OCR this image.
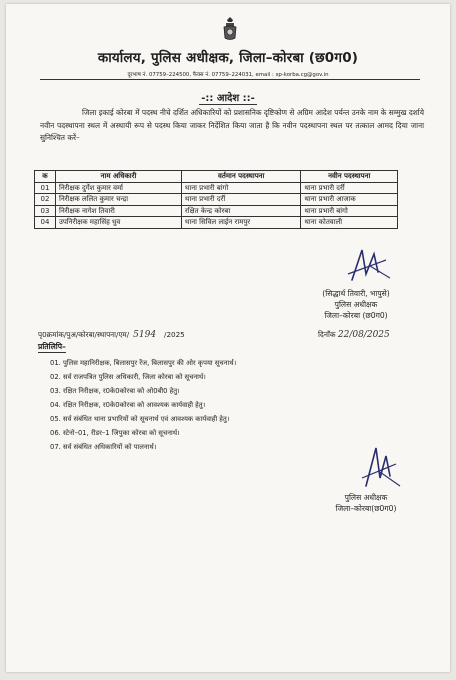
कार्यालय, पुलिस अधीक्षक, जिला–कोरबा (छ0ग0)
दूरभाष नं. 07759–224500, फैक्स नं. 07759–224031, email : sp-korba.cg@gov.in
-:: आदेश ::-
जिला इकाई कोरबा में पदस्थ नीचे दर्शित अधिकारियों को प्रशासनिक दृष्टिकोण से अग्रिम आदेश पर्यन्त उनके नाम के सम्मुख दर्शाये नवीन पदस्थापना स्थल में अस्थायी रूप से पदस्थ किया जाकर निर्देशित किया जाता है कि नवीन पदस्थापना स्थल पर तत्काल आमद दिया जाना सुनिश्चित करें–
क	नाम अधिकारी	वर्तमान पदस्थापना	नवीन पदस्थापना
01	निरीक्षक दुर्गेश कुमार वर्मा	थाना प्रभारी बांगो	थाना प्रभारी दर्री
02	निरीक्षक ललित कुमार चन्द्रा	थाना प्रभारी दर्री	थाना प्रभारी आजाक
03	निरीक्षक नागेश तिवारी	रक्षित केन्द्र कोरबा	थाना प्रभारी बांगो
04	उपनिरीक्षक महासिंह धुव	थाना सिविल लाईन रामपुर	थाना कोतवाली
(सिद्धार्थ तिवारी, भापुसे)
पुलिस अधीक्षक
जिला–कोरबा (छ0ग0)
पृ0क्रमांक/पुअ/कोरबा/स्थापना/एम/ 5194 /2025	दिनाँक 22/08/2025
प्रतिलिपि–
01. पुलिस महानिरीक्षक, बिलासपुर रेंज, बिलासपुर की ओर कृपया सूचनार्थ।
02. सर्व राजपत्रित पुलिस अधिकारी, जिला कोरबा को सूचनार्थ।
03. रक्षित निरीक्षक, र0के0कोरबा को ओ0बी0 हेतु।
04. रक्षित निरीक्षक, र0के0कोरबा को आवश्यक कार्यवाही हेतु।
05. सर्व संबंधित थाना प्रभारियों को सूचनार्थ एवं आवश्यक कार्यवाही हेतु।
06. स्टेनो–01, रीडर–1 जिपुका कोरबा को सूचनार्थ।
07. सर्व संबंधित अधिकारियों को पालनार्थ।
पुलिस अधीक्षक
जिला–कोरबा(छ0ग0)
